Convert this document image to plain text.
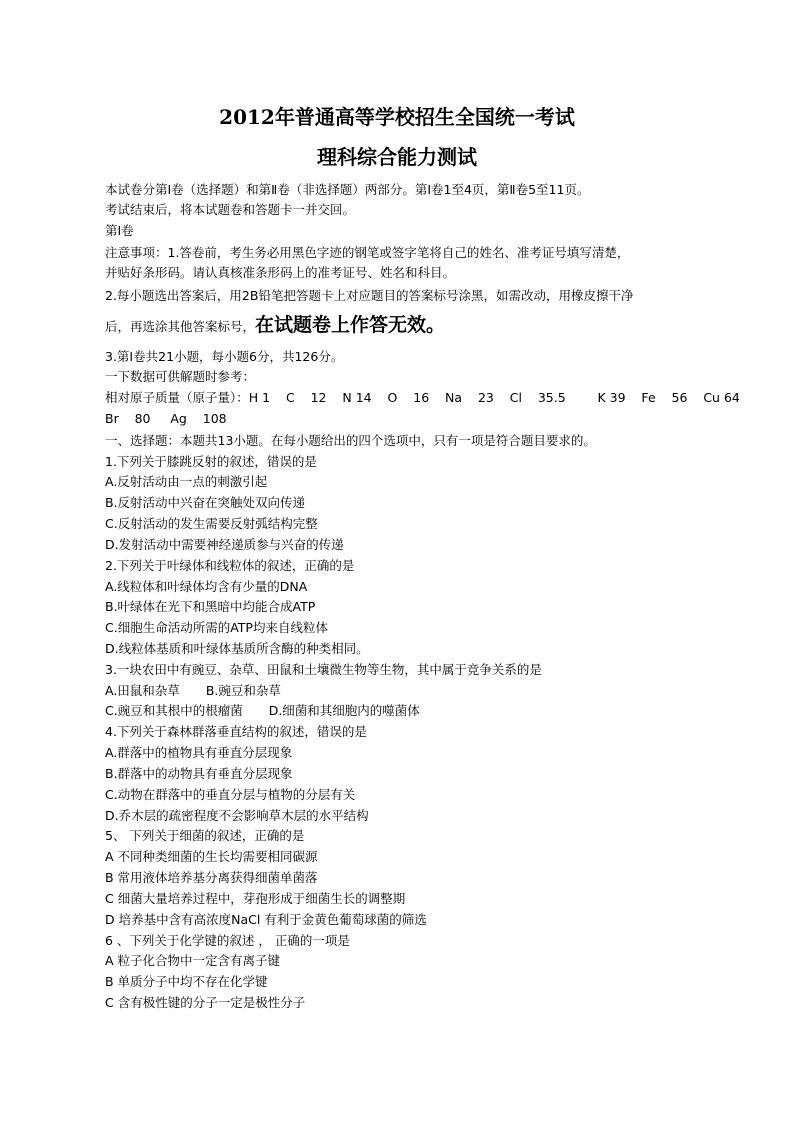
2012年普通高等学校招生全国统一考试
理科综合能力测试
本试卷分第Ⅰ卷（选择题）和第Ⅱ卷（非选择题）两部分。第Ⅰ卷1至4页，第Ⅱ卷5至11页。
考试结束后，将本试题卷和答题卡一并交回。
第Ⅰ卷
注意事项：1.答卷前，考生务必用黑色字迹的钢笔或签字笔将自己的姓名、准考证号填写清楚，
并贴好条形码。请认真核准条形码上的准考证号、姓名和科目。
2.每小题选出答案后，用2B铅笔把答题卡上对应题目的答案标号涂黑，如需改动，用橡皮擦干净
后，再选涂其他答案标号，在试题卷上作答无效。
3.第Ⅰ卷共21小题，每小题6分，共126分。
一下数据可供解题时参考：
相对原子质量（原子量）：H 1    C    12    N 14    O    16    Na    23    Cl    35.5        K 39    Fe    56    Cu 64
Br    80     Ag    108
一、选择题：本题共13小题。在每小题给出的四个选项中，只有一项是符合题目要求的。
1.下列关于膝跳反射的叙述，错误的是
A.反射活动由一点的刺激引起
B.反射活动中兴奋在突触处双向传递
C.反射活动的发生需要反射弧结构完整
D.发射活动中需要神经递质参与兴奋的传递
2.下列关于叶绿体和线粒体的叙述，正确的是
A.线粒体和叶绿体均含有少量的DNA
B.叶绿体在光下和黑暗中均能合成ATP
C.细胞生命活动所需的ATP均来自线粒体
D.线粒体基质和叶绿体基质所含酶的种类相同。
3.一块农田中有豌豆、杂草、田鼠和土壤微生物等生物，其中属于竞争关系的是
A.田鼠和杂草 B.豌豆和杂草
C.豌豆和其根中的根瘤菌 D.细菌和其细胞内的噬菌体
4.下列关于森林群落垂直结构的叙述，错误的是
A.群落中的植物具有垂直分层现象
B.群落中的动物具有垂直分层现象
C.动物在群落中的垂直分层与植物的分层有关
D.乔木层的疏密程度不会影响草木层的水平结构
5、 下列关于细菌的叙述，正确的是
A 不同种类细菌的生长均需要相同碳源
B 常用液体培养基分离获得细菌单菌落
C 细菌大量培养过程中，芽孢形成于细菌生长的调整期
D 培养基中含有高浓度NaCl 有利于金黄色葡萄球菌的筛选
6 、下列关于化学键的叙述 ， 正确的一项是
A 粒子化合物中一定含有离子键
B 单质分子中均不存在化学键
C 含有极性键的分子一定是极性分子
